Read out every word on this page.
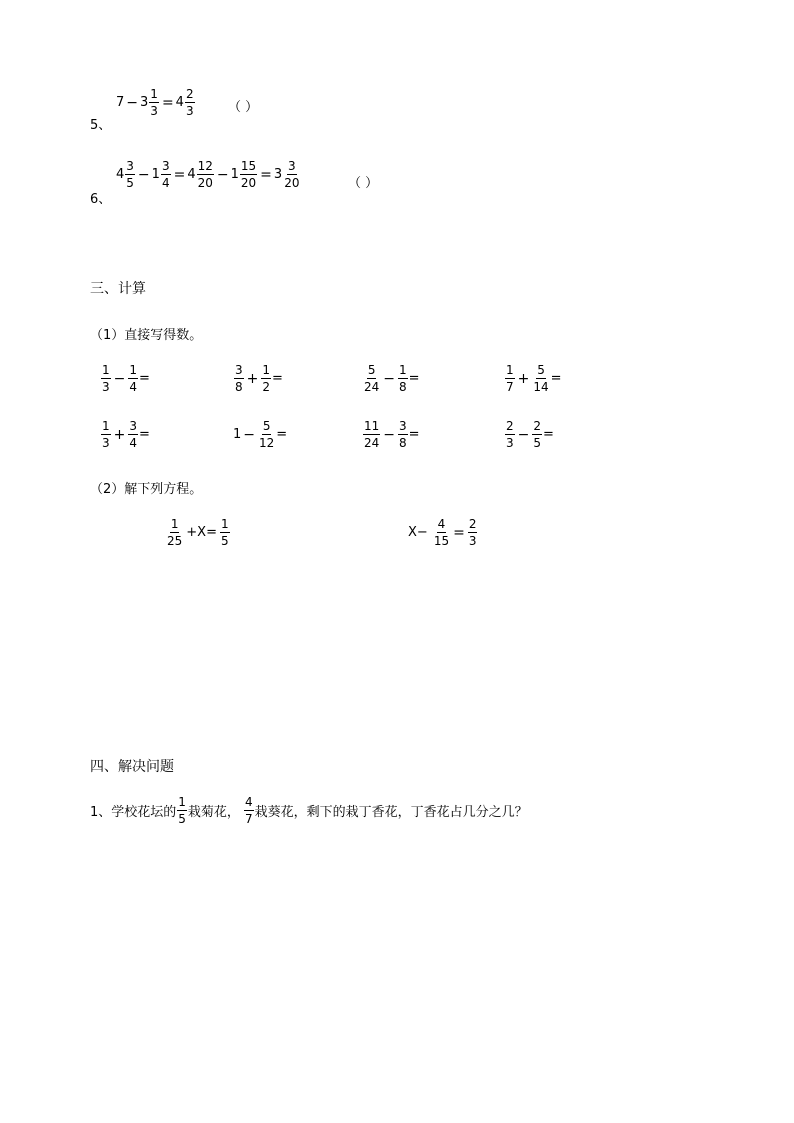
5、
$7 - 3 \frac{1}{3} = 4 \frac{2}{3}$	（ ）
6、
$4 \frac{3}{5} - 1 \frac{3}{4} = 4 \frac{12}{20} - 1 \frac{15}{20} = 3 \frac{3}{20}$	（ ）
三、计算
（1）直接写得数。
$\frac{1}{3} - \frac{1}{4}$ =	$\frac{3}{8} + \frac{1}{2}$ =	$\frac{5}{24} - \frac{1}{8}$ =	$\frac{1}{7} + \frac{5}{14}$ =
$\frac{1}{3} + \frac{3}{4}$ =	$1 - \frac{5}{12}$ =	$\frac{11}{24} - \frac{3}{8}$ =	$\frac{2}{3} - \frac{2}{5}$ =
（2）解下列方程。
$\frac{1}{25} +X= \frac{1}{5}$	$X- \frac{4}{15} = \frac{2}{3}$
四、解决问题
1、学校花坛的 $\frac{1}{5}$ 栽菊花， $\frac{4}{7}$ 栽葵花，剩下的栽丁香花，丁香花占几分之几？
